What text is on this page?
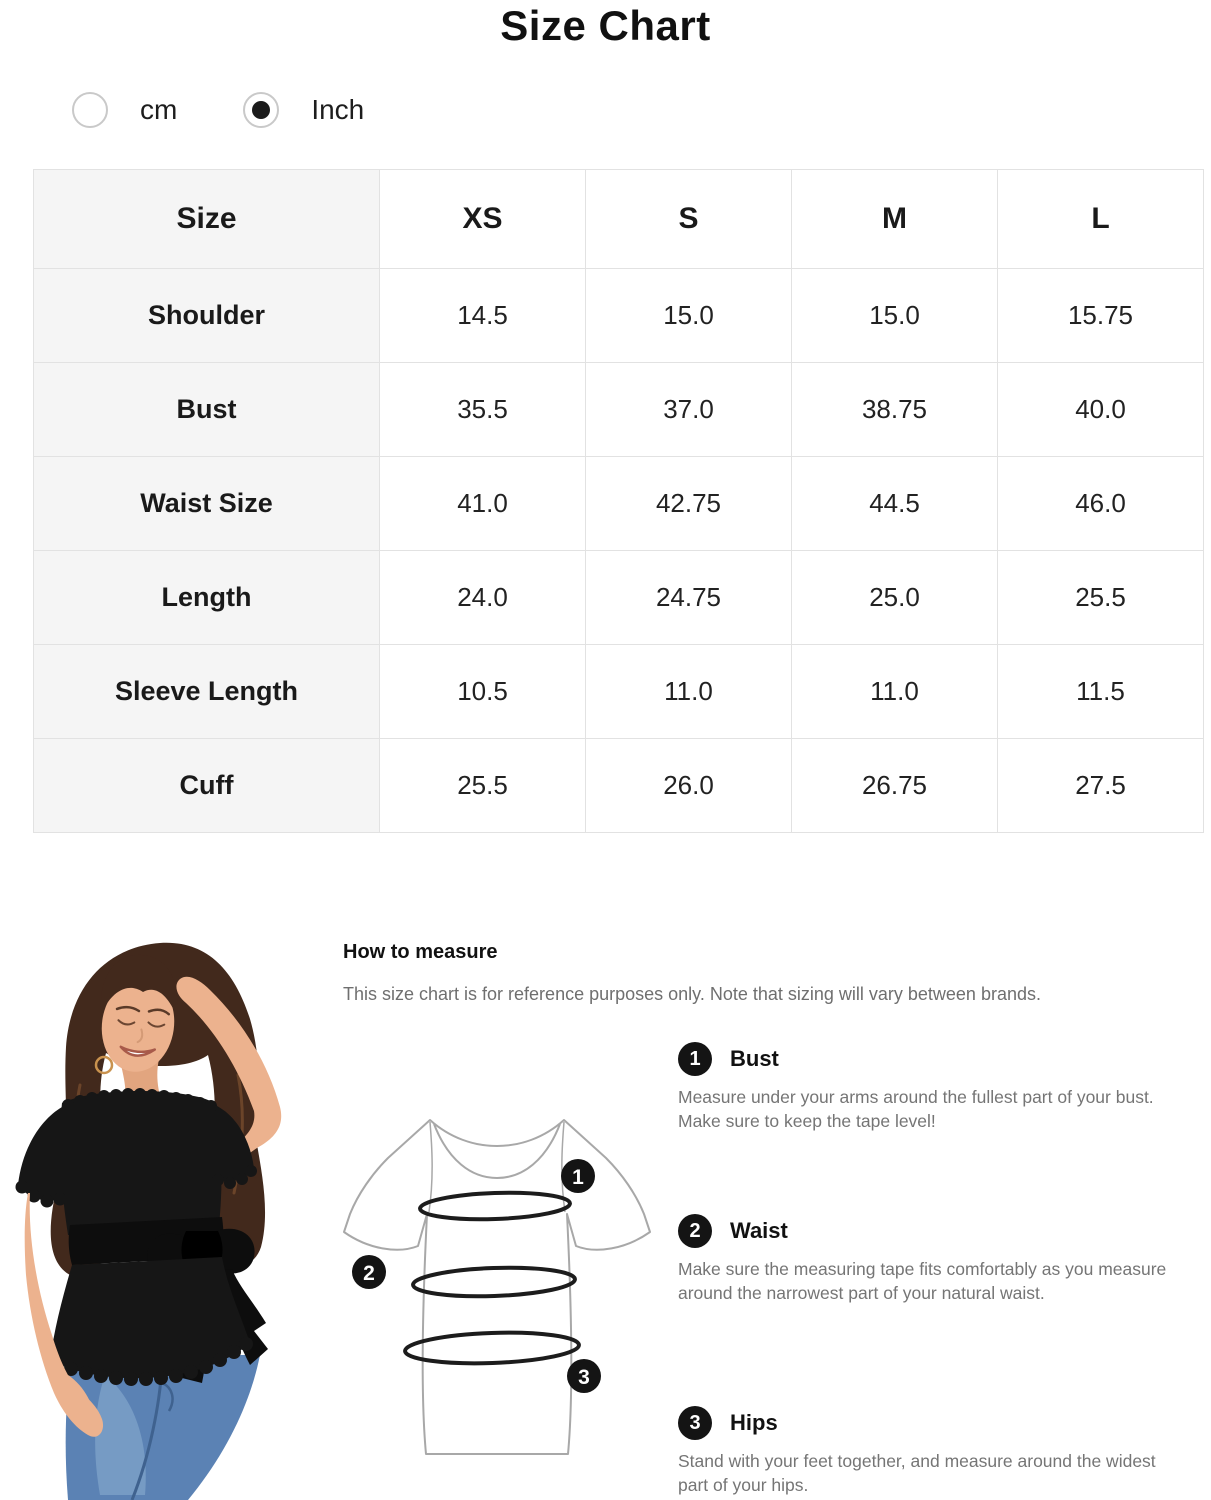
Size Chart
cm	Inch
Size	XS	S	M	L
Shoulder	14.5	15.0	15.0	15.75
Bust	35.5	37.0	38.75	40.0
Waist Size	41.0	42.75	44.5	46.0
Length	24.0	24.75	25.0	25.5
Sleeve Length	10.5	11.0	11.0	11.5
Cuff	25.5	26.0	26.75	27.5
How to measure
This size chart is for reference purposes only. Note that sizing will vary between brands.
1
2
3
1	Bust

Measure under your arms around the fullest part of your bust. Make sure to keep the tape level!

2	Waist

Make sure the measuring tape fits comfortably as you measure around the narrowest part of your natural waist.

3	Hips

Stand with your feet together, and measure around the widest part of your hips.
